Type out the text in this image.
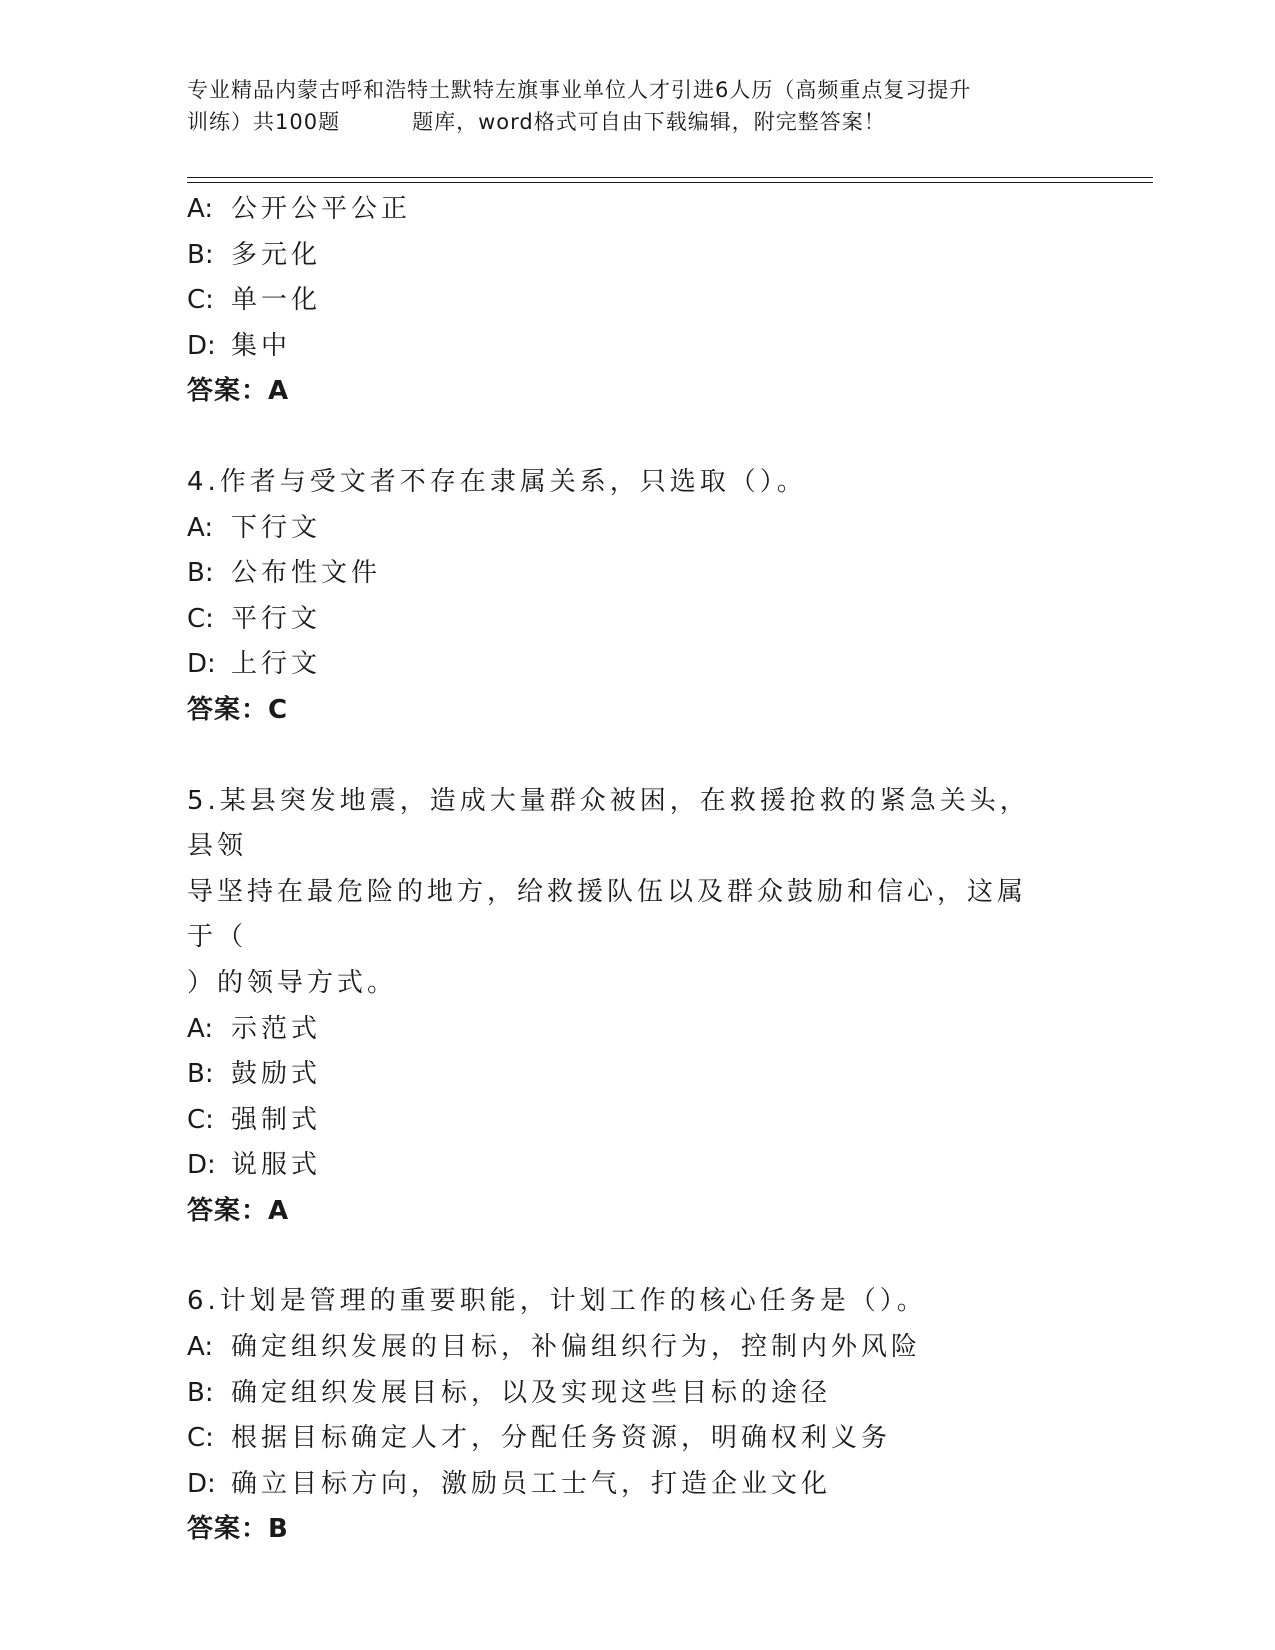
专业精品内蒙古呼和浩特土默特左旗事业单位人才引进6人历（高频重点复习提升
训练）共100题	题库，word格式可自由下载编辑，附完整答案！
A: 公开公平公正
B: 多元化
C: 单一化
D: 集中
答案：A
4.作者与受文者不存在隶属关系，只选取（）。
A: 下行文
B: 公布性文件
C: 平行文
D: 上行文
答案：C
5.某县突发地震，造成大量群众被困，在救援抢救的紧急关头，县领
导坚持在最危险的地方，给救援队伍以及群众鼓励和信心，这属于（
）的领导方式。
A: 示范式
B: 鼓励式
C: 强制式
D: 说服式
答案：A
6.计划是管理的重要职能，计划工作的核心任务是（）。
A: 确定组织发展的目标，补偏组织行为，控制内外风险
B: 确定组织发展目标，以及实现这些目标的途径
C: 根据目标确定人才，分配任务资源，明确权利义务
D: 确立目标方向，激励员工士气，打造企业文化
答案：B
